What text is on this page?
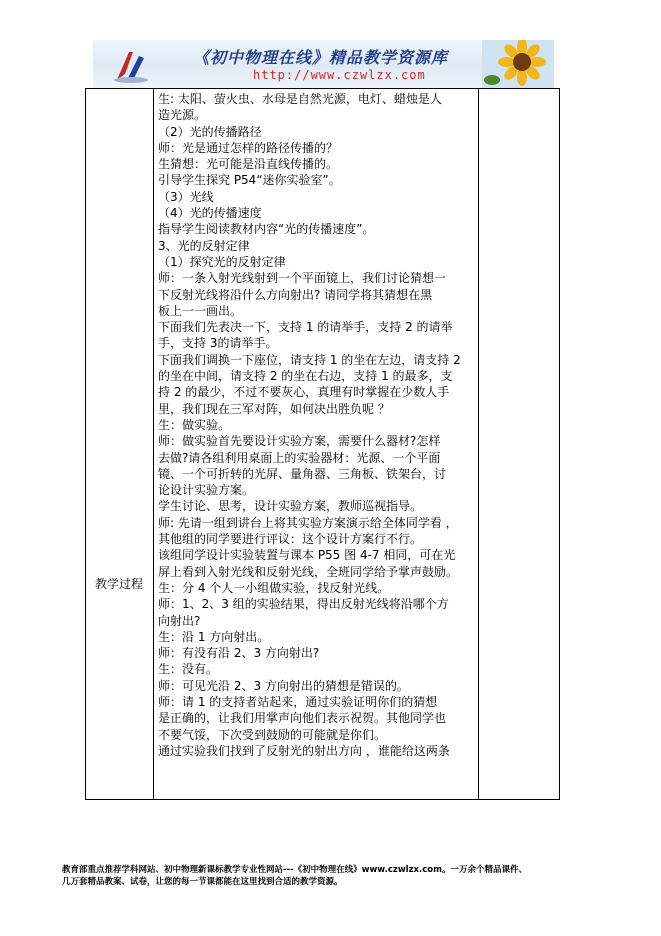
《初中物理在线》精品教学资源库
http://www.czwlzx.com
教学过程

生: 太阳、萤火虫、水母是自然光源，电灯、蜡烛是人

造光源。

（2）光的传播路径

师：光是通过怎样的路径传播的？

生猜想：光可能是沿直线传播的。

引导学生探究 P54“迷你实验室”。

（3）光线

（4）光的传播速度

指导学生阅读教材内容“光的传播速度”。

3、光的反射定律

（1）探究光的反射定律

师：一条入射光线射到一个平面镜上，我们讨论猜想一

下反射光线将沿什么方向射出? 请同学将其猜想在黑

板上一一画出。

下面我们先表决一下，支持 1 的请举手，支持 2 的请举

手，支持 3的请举手。

下面我们调换一下座位，请支持 1 的坐在左边，请支持 2

的坐在中间，请支持 2 的坐在右边，支持 1 的最多，支

持 2 的最少，不过不要灰心，真理有时掌握在少数人手

里，我们现在三军对阵，如何决出胜负呢 ？

生：做实验。

师：做实验首先要设计实验方案，需要什么器材?怎样

去做?请各组利用桌面上的实验器材：光源、一个平面

镜、一个可折转的光屏、量角器、三角板、铁架台，讨

论设计实验方案。

学生讨论、思考，设计实验方案，教师巡视指导。

师: 先请一组到讲台上将其实验方案演示给全体同学看 ，

其他组的同学要进行评议：这个设计方案行不行。

该组同学设计实验装置与课本 P55 图 4-7 相同，可在光

屏上看到入射光线和反射光线，全班同学给予掌声鼓励。

生：分 4 个人一小组做实验，找反射光线。

师：1、2、3 组的实验结果，得出反射光线将沿哪个方

向射出?

生：沿 1 方向射出。

师：有没有沿 2、3 方向射出?

生：没有。

师：可见光沿 2、3 方向射出的猜想是错误的。

师：请 1 的支持者站起来，通过实验证明你们的猜想

是正确的，让我们用掌声向他们表示祝贺。其他同学也

不要气馁，下次受到鼓励的可能就是你们。

通过实验我们找到了反射光的射出方向 ，谁能给这两条

教育部重点推荐学科网站、初中物理新课标教学专业性网站---《初中物理在线》www.czwlzx.com。一万余个精品课件、

几万套精品教案、试卷，让您的每一节课都能在这里找到合适的教学资源。
